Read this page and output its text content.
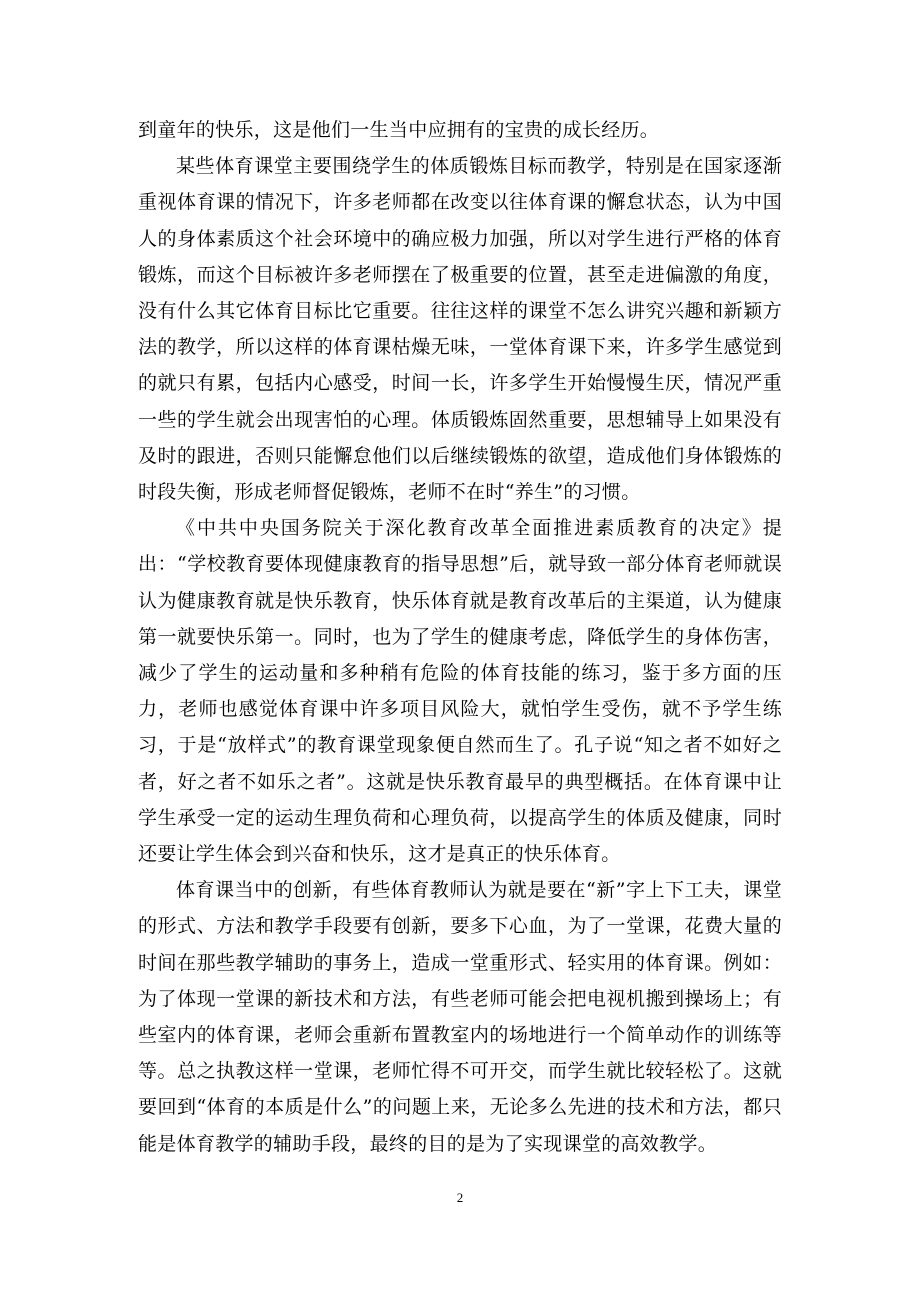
到童年的快乐，这是他们一生当中应拥有的宝贵的成长经历。

某些体育课堂主要围绕学生的体质锻炼目标而教学，特别是在国家逐渐重视体育课的情况下，许多老师都在改变以往体育课的懈怠状态，认为中国人的身体素质这个社会环境中的确应极力加强，所以对学生进行严格的体育锻炼，而这个目标被许多老师摆在了极重要的位置，甚至走进偏激的角度，没有什么其它体育目标比它重要。往往这样的课堂不怎么讲究兴趣和新颖方法的教学，所以这样的体育课枯燥无味，一堂体育课下来，许多学生感觉到的就只有累，包括内心感受，时间一长，许多学生开始慢慢生厌，情况严重一些的学生就会出现害怕的心理。体质锻炼固然重要，思想辅导上如果没有及时的跟进，否则只能懈怠他们以后继续锻炼的欲望，造成他们身体锻炼的时段失衡，形成老师督促锻炼，老师不在时“养生”的习惯。

《中共中央国务院关于深化教育改革全面推进素质教育的决定》提出：“学校教育要体现健康教育的指导思想”后，就导致一部分体育老师就误认为健康教育就是快乐教育，快乐体育就是教育改革后的主渠道，认为健康第一就要快乐第一。同时，也为了学生的健康考虑，降低学生的身体伤害，减少了学生的运动量和多种稍有危险的体育技能的练习，鉴于多方面的压力，老师也感觉体育课中许多项目风险大，就怕学生受伤，就不予学生练习，于是“放样式”的教育课堂现象便自然而生了。孔子说“知之者不如好之者，好之者不如乐之者”。这就是快乐教育最早的典型概括。在体育课中让学生承受一定的运动生理负荷和心理负荷，以提高学生的体质及健康，同时还要让学生体会到兴奋和快乐，这才是真正的快乐体育。

体育课当中的创新，有些体育教师认为就是要在“新”字上下工夫，课堂的形式、方法和教学手段要有创新，要多下心血，为了一堂课，花费大量的时间在那些教学辅助的事务上，造成一堂重形式、轻实用的体育课。例如：为了体现一堂课的新技术和方法，有些老师可能会把电视机搬到操场上；有些室内的体育课，老师会重新布置教室内的场地进行一个简单动作的训练等等。总之执教这样一堂课，老师忙得不可开交，而学生就比较轻松了。这就要回到“体育的本质是什么”的问题上来，无论多么先进的技术和方法，都只能是体育教学的辅助手段，最终的目的是为了实现课堂的高效教学。

2
